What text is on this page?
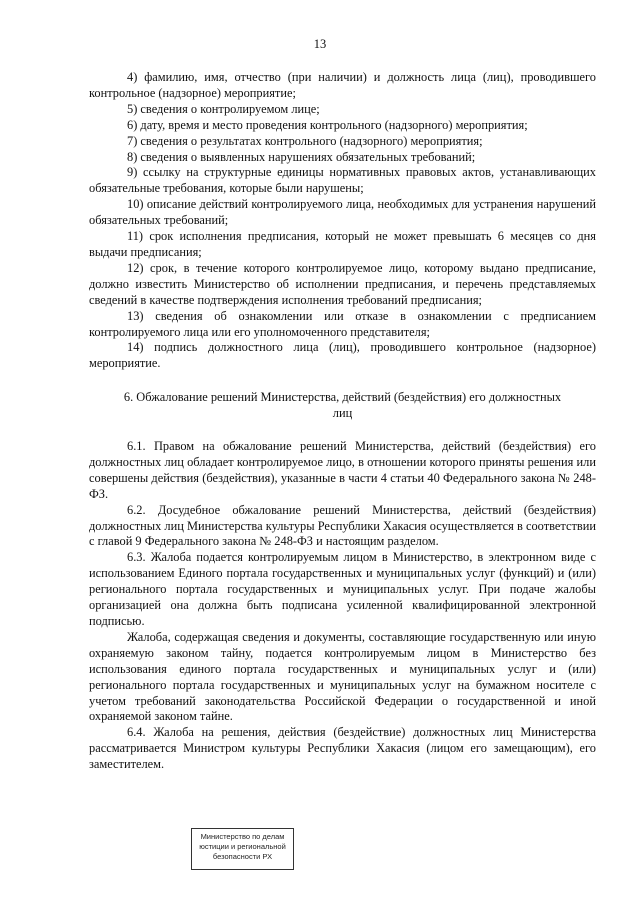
13

4) фамилию, имя, отчество (при наличии) и должность лица (лиц), проводившего контрольное (надзорное) мероприятие;

5) сведения о контролируемом лице;

6) дату, время и место проведения контрольного (надзорного) мероприятия;

7) сведения о результатах контрольного (надзорного) мероприятия;

8) сведения о выявленных нарушениях обязательных требований;

9) ссылку на структурные единицы нормативных правовых актов, устанавливающих обязательные требования, которые были нарушены;

10) описание действий контролируемого лица, необходимых для устранения нарушений обязательных требований;

11) срок исполнения предписания, который не может превышать 6 месяцев со дня выдачи предписания;

12) срок, в течение которого контролируемое лицо, которому выдано предписание, должно известить Министерство об исполнении предписания, и перечень представляемых сведений в качестве подтверждения исполнения требований предписания;

13) сведения об ознакомлении или отказе в ознакомлении с предписанием контролируемого лица или его уполномоченного представителя;

14) подпись должностного лица (лиц), проводившего контрольное (надзорное) мероприятие.

6. Обжалование решений Министерства, действий (бездействия) его должностных лиц

6.1. Правом на обжалование решений Министерства, действий (бездействия) его должностных лиц обладает контролируемое лицо, в отношении которого приняты решения или совершены действия (бездействия), указанные в части 4 статьи 40 Федерального закона № 248-ФЗ.

6.2. Досудебное обжалование решений Министерства, действий (бездействия) должностных лиц Министерства культуры Республики Хакасия осуществляется в соответствии с главой 9 Федерального закона № 248-ФЗ и настоящим разделом.

6.3. Жалоба подается контролируемым лицом в Министерство, в электронном виде с использованием Единого портала государственных и муниципальных услуг (функций) и (или) регионального портала государственных и муниципальных услуг. При подаче жалобы организацией она должна быть подписана усиленной квалифицированной электронной подписью.

Жалоба, содержащая сведения и документы, составляющие государственную или иную охраняемую законом тайну, подается контролируемым лицом в Министерство без использования единого портала государственных и муниципальных услуг и (или) регионального портала государственных и муниципальных услуг на бумажном носителе с учетом требований законодательства Российской Федерации о государственной и иной охраняемой законом тайне.

6.4. Жалоба на решения, действия (бездействие) должностных лиц Министерства рассматривается Министром культуры Республики Хакасия (лицом его замещающим), его заместителем.

Министерство по делам
юстиции и региональной
безопасности РХ
